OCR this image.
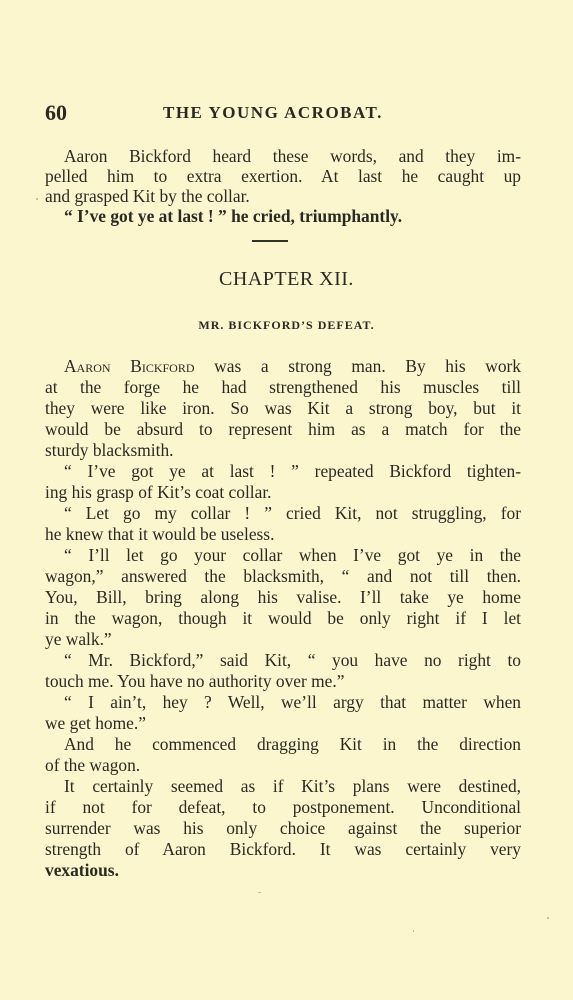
60	THE YOUNG ACROBAT.
Aaron Bickford heard these words, and they im-
pelled him to extra exertion. At last he caught up
and grasped Kit by the collar.
“ I’ve got ye at last ! ” he cried, triumphantly.
CHAPTER XII.
MR. BICKFORD’S DEFEAT.
Aaron Bickford was a strong man. By his work
at the forge he had strengthened his muscles till
they were like iron. So was Kit a strong boy, but it
would be absurd to represent him as a match for the
sturdy blacksmith.
“ I’ve got ye at last ! ” repeated Bickford tighten-
ing his grasp of Kit’s coat collar.
“ Let go my collar ! ” cried Kit, not struggling, for
he knew that it would be useless.
“ I’ll let go your collar when I’ve got ye in the
wagon,” answered the blacksmith, “ and not till then.
You, Bill, bring along his valise. I’ll take ye home
in the wagon, though it would be only right if I let
ye walk.”
“ Mr. Bickford,” said Kit, “ you have no right to
touch me. You have no authority over me.”
“ I ain’t, hey ? Well, we’ll argy that matter when
we get home.”
And he commenced dragging Kit in the direction
of the wagon.
It certainly seemed as if Kit’s plans were destined,
if not for defeat, to postponement. Unconditional
surrender was his only choice against the superior
strength of Aaron Bickford. It was certainly very
vexatious.
